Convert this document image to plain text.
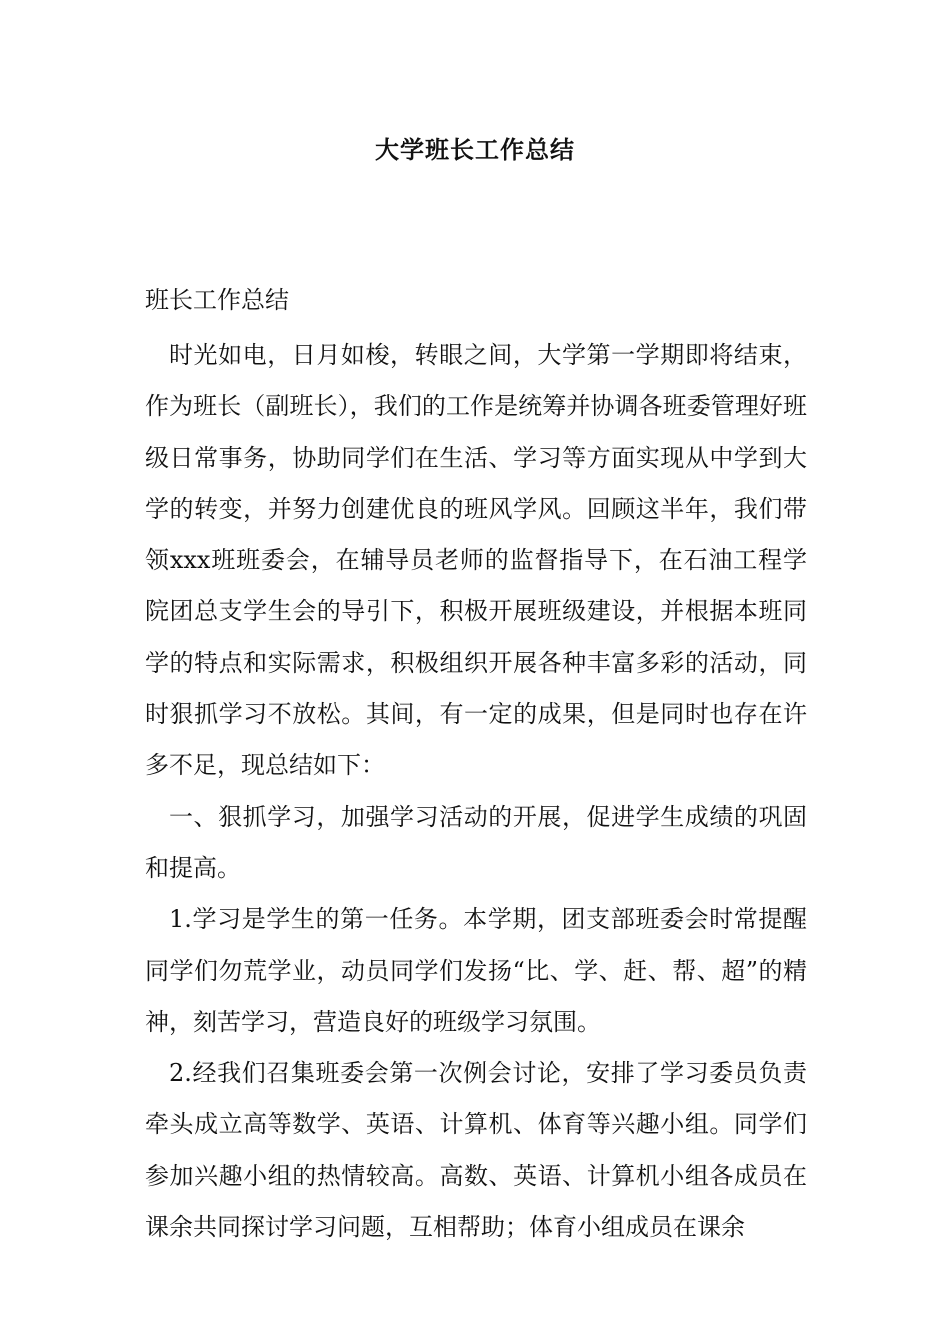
大学班长工作总结
班长工作总结

时光如电，日月如梭，转眼之间，大学第一学期即将结束，作为班长（副班长），我们的工作是统筹并协调各班委管理好班级日常事务，协助同学们在生活、学习等方面实现从中学到大学的转变，并努力创建优良的班风学风。回顾这半年，我们带领xxx班班委会，在辅导员老师的监督指导下，在石油工程学院团总支学生会的导引下，积极开展班级建设，并根据本班同学的特点和实际需求，积极组织开展各种丰富多彩的活动，同时狠抓学习不放松。其间，有一定的成果，但是同时也存在许多不足，现总结如下：

一、狠抓学习，加强学习活动的开展，促进学生成绩的巩固和提高。

1.学习是学生的第一任务。本学期，团支部班委会时常提醒同学们勿荒学业，动员同学们发扬“比、学、赶、帮、超”的精神，刻苦学习，营造良好的班级学习氛围。

2.经我们召集班委会第一次例会讨论，安排了学习委员负责牵头成立高等数学、英语、计算机、体育等兴趣小组。同学们参加兴趣小组的热情较高。高数、英语、计算机小组各成员在课余共同探讨学习问题，互相帮助；体育小组成员在课余
